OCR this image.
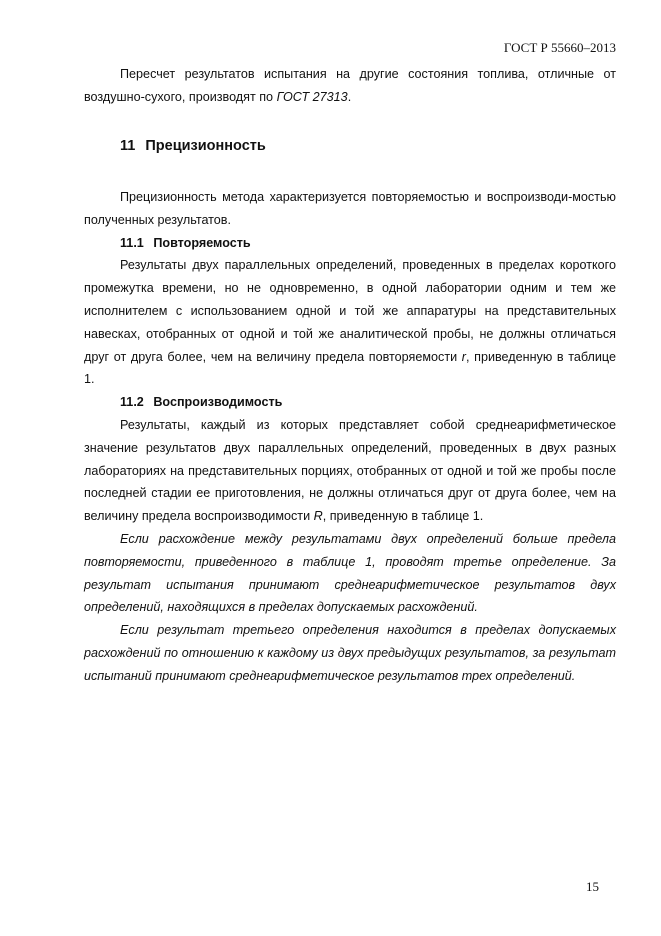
ГОСТ Р 55660–2013

Пересчет результатов испытания на другие состояния топлива, отличные от воздушно-сухого, производят по ГОСТ 27313.

11 Прецизионность

Прецизионность метода характеризуется повторяемостью и воспроизводи-мостью полученных результатов.

11.1 Повторяемость

Результаты двух параллельных определений, проведенных в пределах короткого промежутка времени, но не одновременно, в одной лаборатории одним и тем же исполнителем с использованием одной и той же аппаратуры на представительных навесках, отобранных от одной и той же аналитической пробы, не должны отличаться друг от друга более, чем на величину предела повторяемости r, приведенную в таблице 1.

11.2 Воспроизводимость

Результаты, каждый из которых представляет собой среднеарифметическое значение результатов двух параллельных определений, проведенных в двух разных лабораториях на представительных порциях, отобранных от одной и той же пробы после последней стадии ее приготовления, не должны отличаться друг от друга более, чем на величину предела воспроизводимости R, приведенную в таблице 1.

Если расхождение между результатами двух определений больше предела повторяемости, приведенного в таблице 1, проводят третье определение. За результат испытания принимают среднеарифметическое результатов двух определений, находящихся в пределах допускаемых расхождений.

Если результат третьего определения находится в пределах допускаемых расхождений по отношению к каждому из двух предыдущих результатов, за результат испытаний принимают среднеарифметическое результатов трех определений.

15
